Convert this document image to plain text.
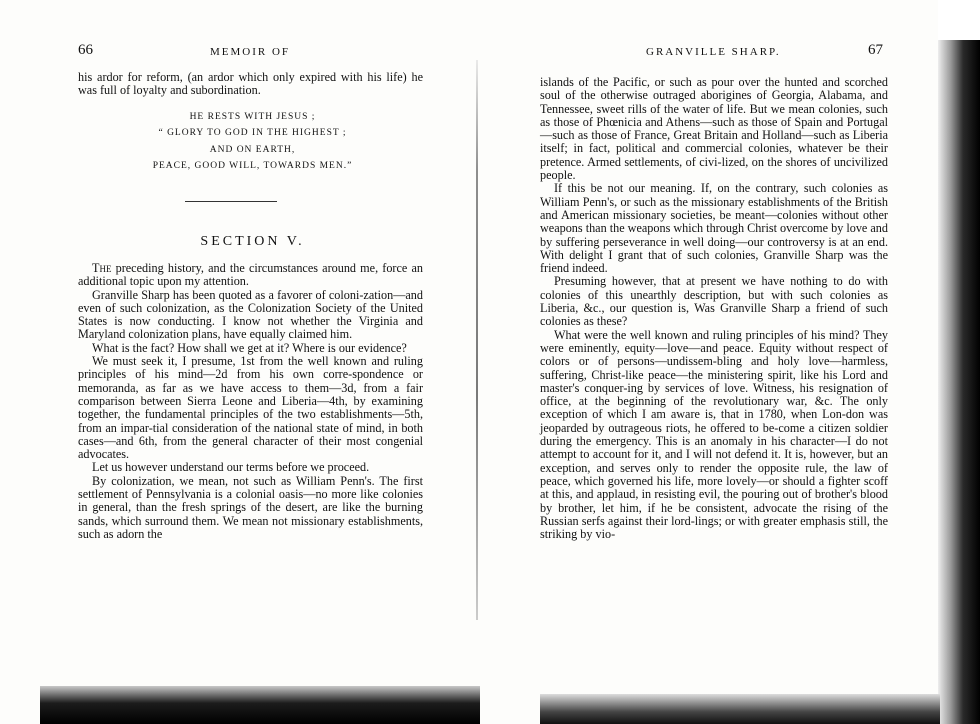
66	MEMOIR OF

his ardor for reform, (an ardor which only expired with his life) he was full of loyalty and subordination.

HE RESTS WITH JESUS ;
“ GLORY TO GOD IN THE HIGHEST ;
AND ON EARTH,
PEACE, GOOD WILL, TOWARDS MEN.”
SECTION V.

The preceding history, and the circumstances around me, force an additional topic upon my attention.

Granville Sharp has been quoted as a favorer of coloni-zation—and even of such colonization, as the Colonization Society of the United States is now conducting. I know not whether the Virginia and Maryland colonization plans, have equally claimed him.

What is the fact? How shall we get at it? Where is our evidence?

We must seek it, I presume, 1st from the well known and ruling principles of his mind—2d from his own corre-spondence or memoranda, as far as we have access to them—3d, from a fair comparison between Sierra Leone and Liberia—4th, by examining together, the fundamental principles of the two establishments—5th, from an impar-tial consideration of the national state of mind, in both cases—and 6th, from the general character of their most congenial advocates.

Let us however understand our terms before we proceed.

By colonization, we mean, not such as William Penn's. The first settlement of Pennsylvania is a colonial oasis—no more like colonies in general, than the fresh springs of the desert, are like the burning sands, which surround them. We mean not missionary establishments, such as adorn the

GRANVILLE SHARP.	67

islands of the Pacific, or such as pour over the hunted and scorched soul of the otherwise outraged aborigines of Georgia, Alabama, and Tennessee, sweet rills of the water of life. But we mean colonies, such as those of Phœnicia and Athens—such as those of Spain and Portugal—such as those of France, Great Britain and Holland—such as Liberia itself; in fact, political and commercial colonies, whatever be their pretence. Armed settlements, of civi-lized, on the shores of uncivilized people.

If this be not our meaning. If, on the contrary, such colonies as William Penn's, or such as the missionary establishments of the British and American missionary societies, be meant—colonies without other weapons than the weapons which through Christ overcome by love and by suffering perseverance in well doing—our controversy is at an end. With delight I grant that of such colonies, Granville Sharp was the friend indeed.

Presuming however, that at present we have nothing to do with colonies of this unearthly description, but with such colonies as Liberia, &c., our question is, Was Granville Sharp a friend of such colonies as these?

What were the well known and ruling principles of his mind? They were eminently, equity—love—and peace. Equity without respect of colors or of persons—undissem-bling and holy love—harmless, suffering, Christ-like peace—the ministering spirit, like his Lord and master's conquer-ing by services of love. Witness, his resignation of office, at the beginning of the revolutionary war, &c. The only exception of which I am aware is, that in 1780, when Lon-don was jeoparded by outrageous riots, he offered to be-come a citizen soldier during the emergency. This is an anomaly in his character—I do not attempt to account for it, and I will not defend it. It is, however, but an exception, and serves only to render the opposite rule, the law of peace, which governed his life, more lovely—or should a fighter scoff at this, and applaud, in resisting evil, the pouring out of brother's blood by brother, let him, if he be consistent, advocate the rising of the Russian serfs against their lord-lings; or with greater emphasis still, the striking by vio-
